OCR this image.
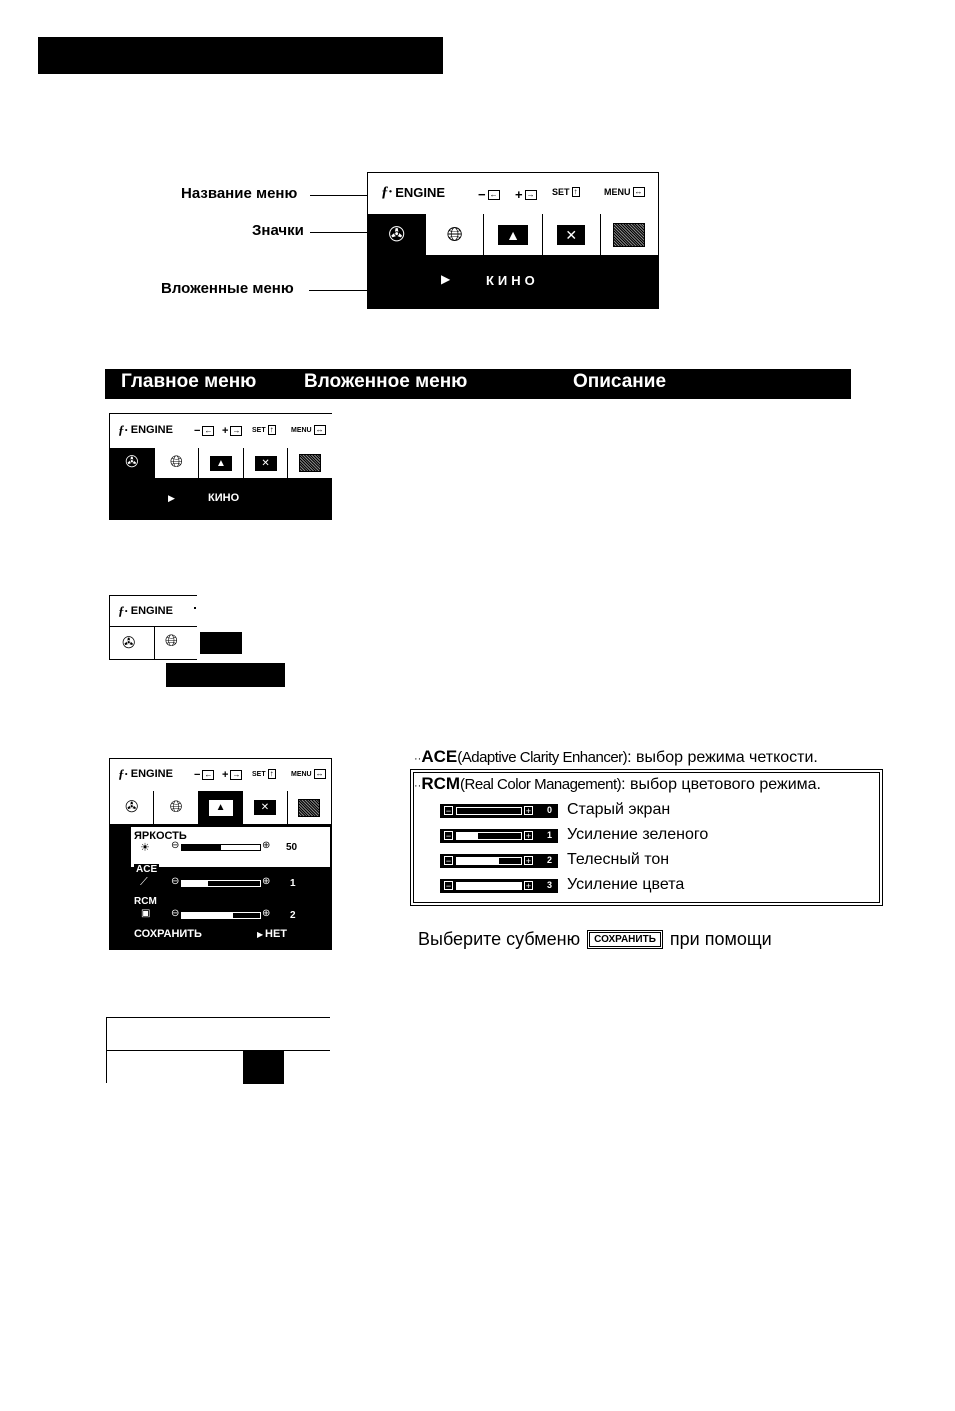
Название меню
Значки
Вложенные меню
ƒ· ENGINE	− ← + → SET ↑	MENU ↔
✇ 🌐︎	▲	✕
▶	КИНО
Главное меню	Вложенное меню	Описание
ƒ· ENGINE − ← + → SET ↑ MENU ↔
✇ 🌐︎	▲	✕
▶	КИНО
ƒ· ENGINE
✇ 🌐︎
ƒ· ENGINE − ← + → SET ↑ MENU ↔
✇ 🌐︎	▲	✕
ЯРКОСТЬ
☀ ⊖	⊕ 50
ACE
⟋ ⊖	⊕ 1
RCM
▣ ⊖	⊕ 2
СОХРАНИТЬ	▶ НЕТ
··ACE(Adaptive Clarity Enhancer): выбор режима четкости.
··RCM(Real Color Management): выбор цветового режима.
−	+ 0 Старый экран
−	+ 1 Усиление зеленого
−	+ 2 Телесный тон
−	+ 3 Усиление цвета
Выберите субменю	СОХРАНИТЬ при помощи
